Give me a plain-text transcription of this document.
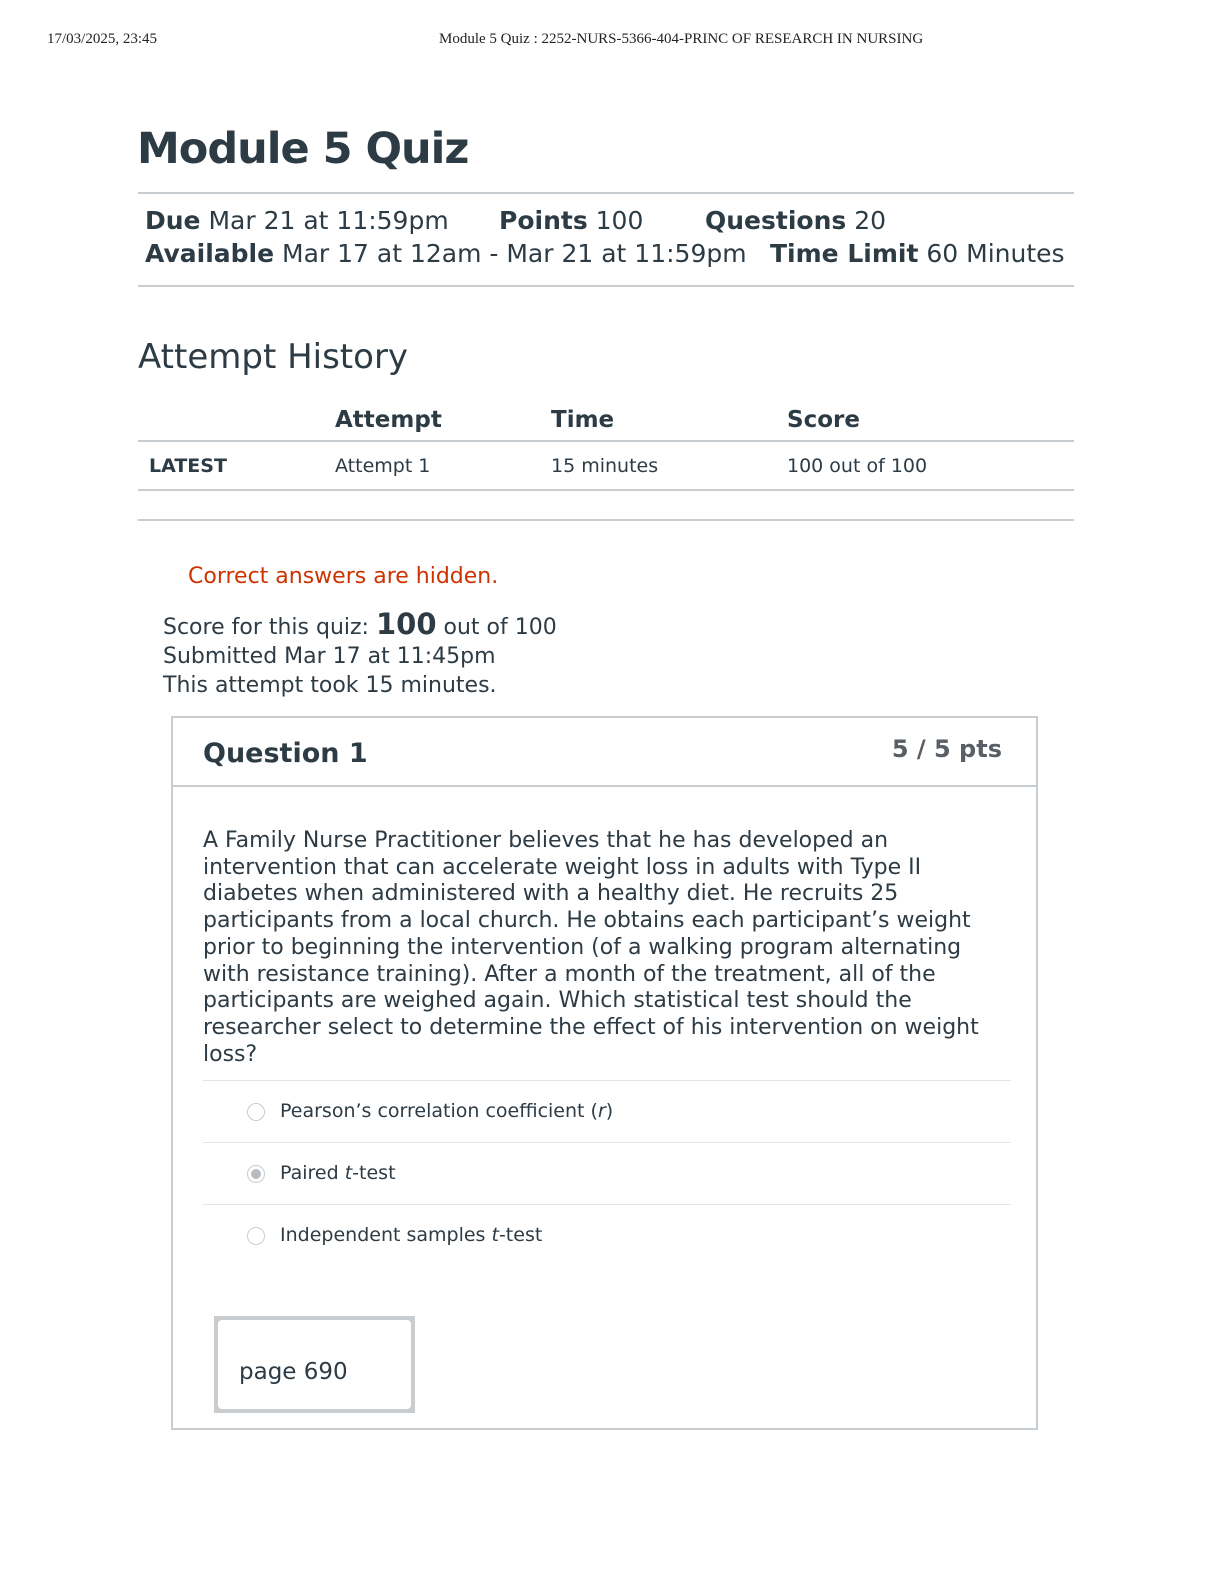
17/03/2025, 23:45	Module 5 Quiz : 2252-NURS-5366-404-PRINC OF RESEARCH IN NURSING
Module 5 Quiz
Due Mar 21 at 11:59pm Points 100 Questions 20
Available Mar 17 at 12am - Mar 21 at 11:59pm Time Limit 60 Minutes
Attempt History
	Attempt	Time	Score
LATEST	Attempt 1	15 minutes	100 out of 100
Correct answers are hidden.
Score for this quiz: 100 out of 100
Submitted Mar 17 at 11:45pm
This attempt took 15 minutes.
Question 1	5 / 5 pts
A Family Nurse Practitioner believes that he has developed an intervention that can accelerate weight loss in adults with Type II diabetes when administered with a healthy diet. He recruits 25 participants from a local church. He obtains each participant’s weight prior to beginning the intervention (of a walking program alternating with resistance training). After a month of the treatment, all of the participants are weighed again. Which statistical test should the researcher select to determine the effect of his intervention on weight loss?
Pearson’s correlation coefficient (r)
Paired t-test
Independent samples t-test
page 690
